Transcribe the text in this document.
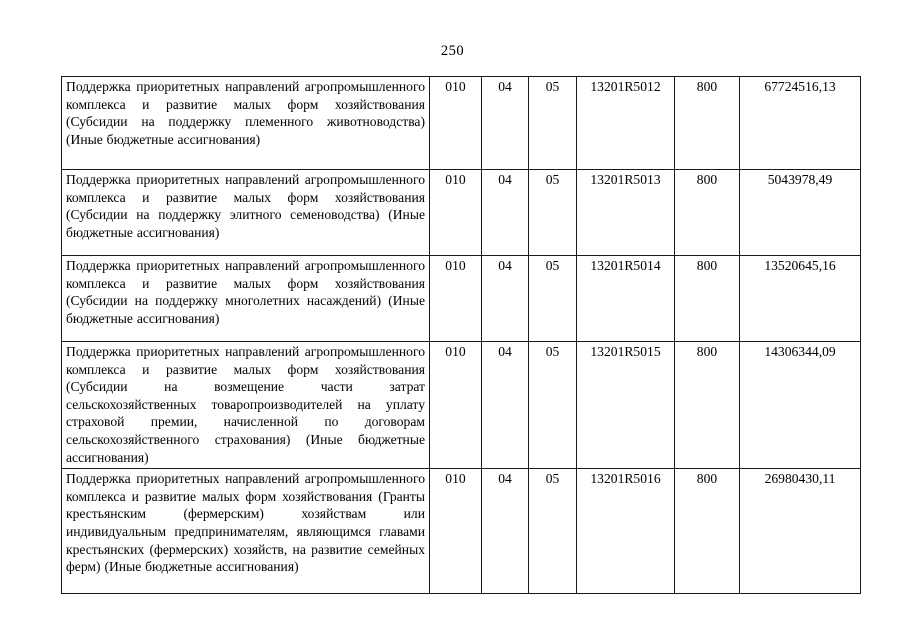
250
Поддержка приоритетных направлений агропромышленного комплекса и развитие малых форм хозяйствования (Субсидии на поддержку племенного животноводства) (Иные бюджетные ассигнования)	010	04	05	13201R5012	800	67724516,13
Поддержка приоритетных направлений агропромышленного комплекса и развитие малых форм хозяйствования (Субсидии на поддержку элитного семеноводства) (Иные бюджетные ассигнования)	010	04	05	13201R5013	800	5043978,49
Поддержка приоритетных направлений агропромышленного комплекса и развитие малых форм хозяйствования (Субсидии на поддержку многолетних насаждений) (Иные бюджетные ассигнования)	010	04	05	13201R5014	800	13520645,16
Поддержка приоритетных направлений агропромышленного комплекса и развитие малых форм хозяйствования (Субсидии на возмещение части затрат сельскохозяйственных товаропроизводителей на уплату страховой премии, начисленной по договорам сельскохозяйственного страхования) (Иные бюджетные ассигнования)	010	04	05	13201R5015	800	14306344,09
Поддержка приоритетных направлений агропромышленного комплекса и развитие малых форм хозяйствования (Гранты крестьянским (фермерским) хозяйствам или индивидуальным предпринимателям, являющимся главами крестьянских (фермерских) хозяйств, на развитие семейных ферм) (Иные бюджетные ассигнования)	010	04	05	13201R5016	800	26980430,11
